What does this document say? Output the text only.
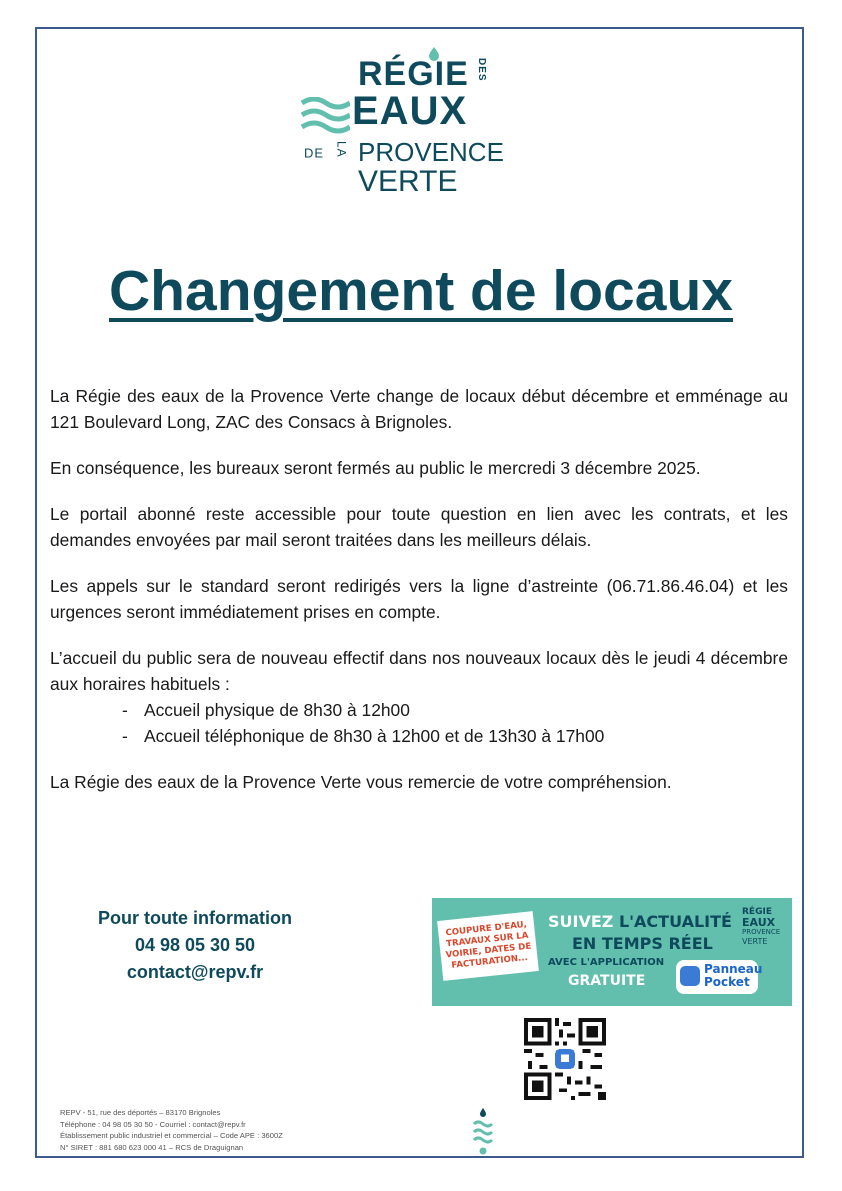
RÉGIE DES
EAUX
DE LA PROVENCE
VERTE
Changement de locaux

La Régie des eaux de la Provence Verte change de locaux début décembre et emménage au 121 Boulevard Long, ZAC des Consacs à Brignoles.

En conséquence, les bureaux seront fermés au public le mercredi 3 décembre 2025.

Le portail abonné reste accessible pour toute question en lien avec les contrats, et les demandes envoyées par mail seront traitées dans les meilleurs délais.

Les appels sur le standard seront redirigés vers la ligne d’astreinte (06.71.86.46.04) et les urgences seront immédiatement prises en compte.

L’accueil du public sera de nouveau effectif dans nos nouveaux locaux dès le jeudi 4 décembre aux horaires habituels :

- Accueil physique de 8h30 à 12h00
- Accueil téléphonique de 8h30 à 12h00 et de 13h30 à 17h00

La Régie des eaux de la Provence Verte vous remercie de votre compréhension.

Pour toute information
04 98 05 30 50
contact@repv.fr
COUPURE D'EAU, TRAVAUX SUR LA VOIRIE, DATES DE FACTURATION...
SUIVEZ L'ACTUALITÉ
EN TEMPS RÉEL
AVEC L'APPLICATION
GRATUITE
Panneau
Pocket
RÉGIE
EAUX
PROVENCE
VERTE
REPV - 51, rue des déportés – 83170 Brignoles
Téléphone : 04 98 05 30 50 - Courriel : contact@repv.fr
Établissement public industriel et commercial – Code APE : 3600Z
N° SIRET : 881 680 623 000 41 – RCS de Draguignan
